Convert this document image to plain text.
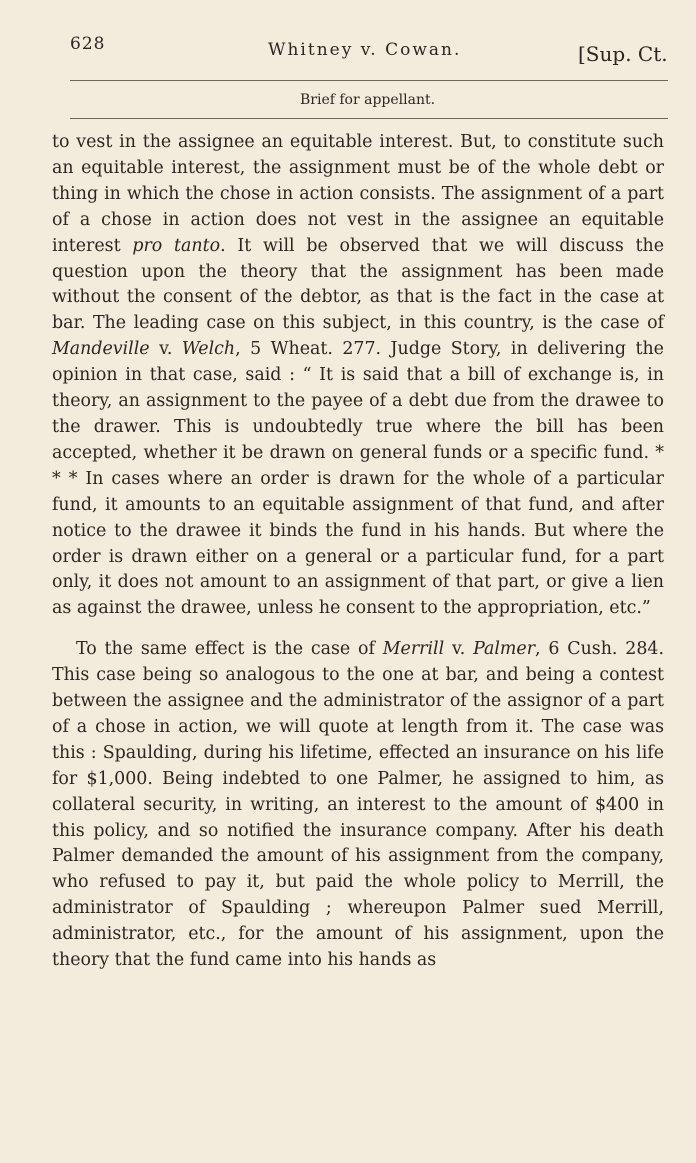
628	Whitney v. Cowan.	[Sup. Ct.
Brief for appellant.

to vest in the assignee an equitable interest. But, to constitute such an equitable interest, the assignment must be of the whole debt or thing in which the chose in action consists. The assignment of a part of a chose in action does not vest in the assignee an equitable interest pro tanto. It will be observed that we will discuss the question upon the theory that the assignment has been made without the consent of the debtor, as that is the fact in the case at bar. The leading case on this subject, in this country, is the case of Mandeville v. Welch, 5 Wheat. 277. Judge Story, in delivering the opinion in that case, said : “ It is said that a bill of exchange is, in theory, an assignment to the payee of a debt due from the drawee to the drawer. This is undoubtedly true where the bill has been accepted, whether it be drawn on general funds or a specific fund. * * * In cases where an order is drawn for the whole of a particular fund, it amounts to an equitable assignment of that fund, and after notice to the drawee it binds the fund in his hands. But where the order is drawn either on a general or a particular fund, for a part only, it does not amount to an assignment of that part, or give a lien as against the drawee, unless he consent to the appropriation, etc.”

To the same effect is the case of Merrill v. Palmer, 6 Cush. 284. This case being so analogous to the one at bar, and being a contest between the assignee and the administrator of the assignor of a part of a chose in action, we will quote at length from it. The case was this : Spaulding, during his lifetime, effected an insurance on his life for $1,000. Being indebted to one Palmer, he assigned to him, as collateral security, in writing, an interest to the amount of $400 in this policy, and so notified the insurance company. After his death Palmer demanded the amount of his assignment from the company, who refused to pay it, but paid the whole policy to Merrill, the administrator of Spaulding ; whereupon Palmer sued Merrill, administrator, etc., for the amount of his assignment, upon the theory that the fund came into his hands as
